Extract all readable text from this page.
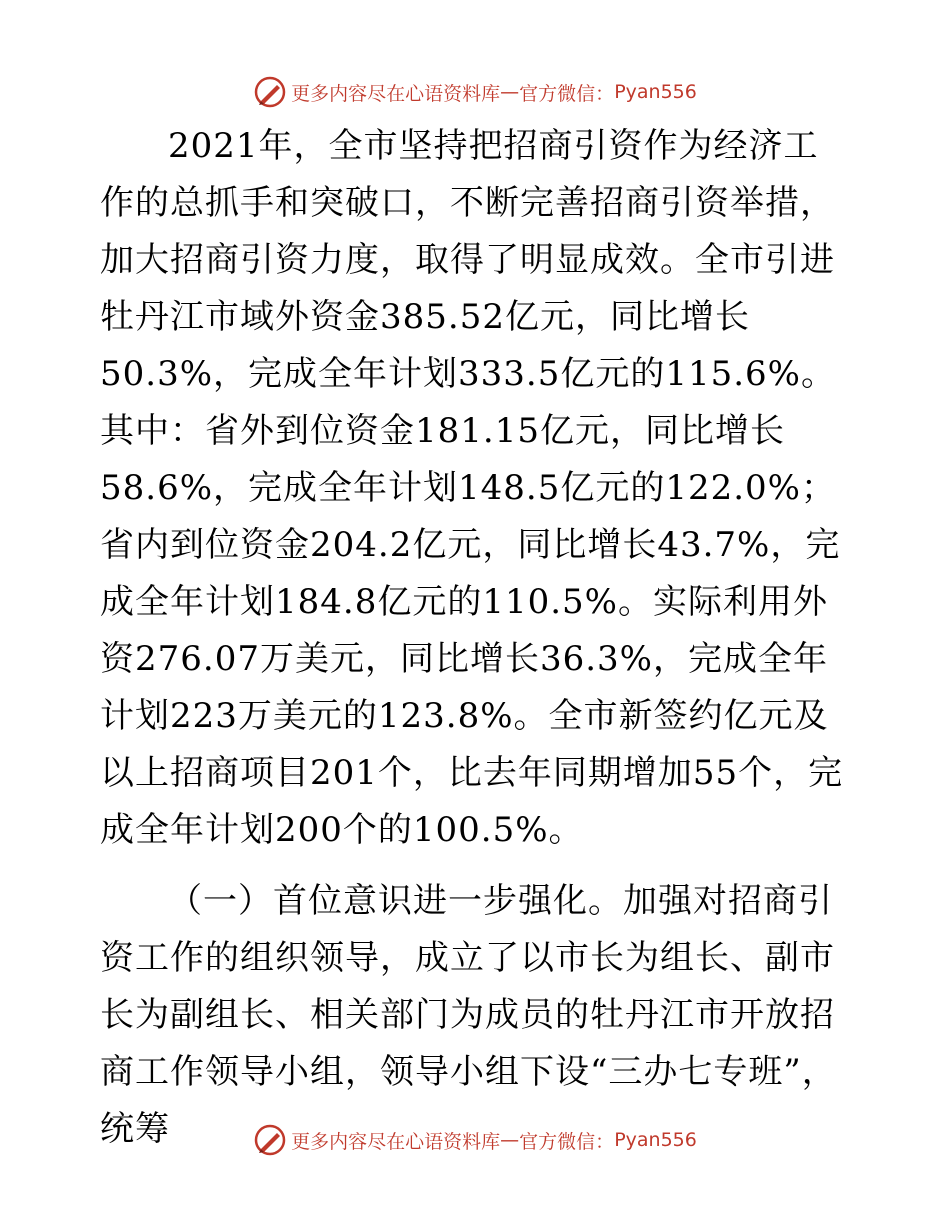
更多内容尽在心语资料库 — 官方微信： Pyan556

2021年，全市坚持把招商引资作为经济工作的总抓手和突破口，不断完善招商引资举措，加大招商引资力度，取得了明显成效。全市引进牡丹江市域外资金385.52亿元，同比增长50.3%，完成全年计划333.5亿元的115.6%。其中：省外到位资金181.15亿元，同比增长58.6%，完成全年计划148.5亿元的122.0%；省内到位资金204.2亿元，同比增长43.7%，完成全年计划184.8亿元的110.5%。实际利用外资276.07万美元，同比增长36.3%，完成全年计划223万美元的123.8%。全市新签约亿元及以上招商项目201个，比去年同期增加55个，完成全年计划200个的100.5%。

（一）首位意识进一步强化。加强对招商引资工作的组织领导，成立了以市长为组长、副市长为副组长、相关部门为成员的牡丹江市开放招商工作领导小组，领导小组下设“三办七专班”，统筹	更多内容尽在心语资料库 — 官方微信： Pyan556
